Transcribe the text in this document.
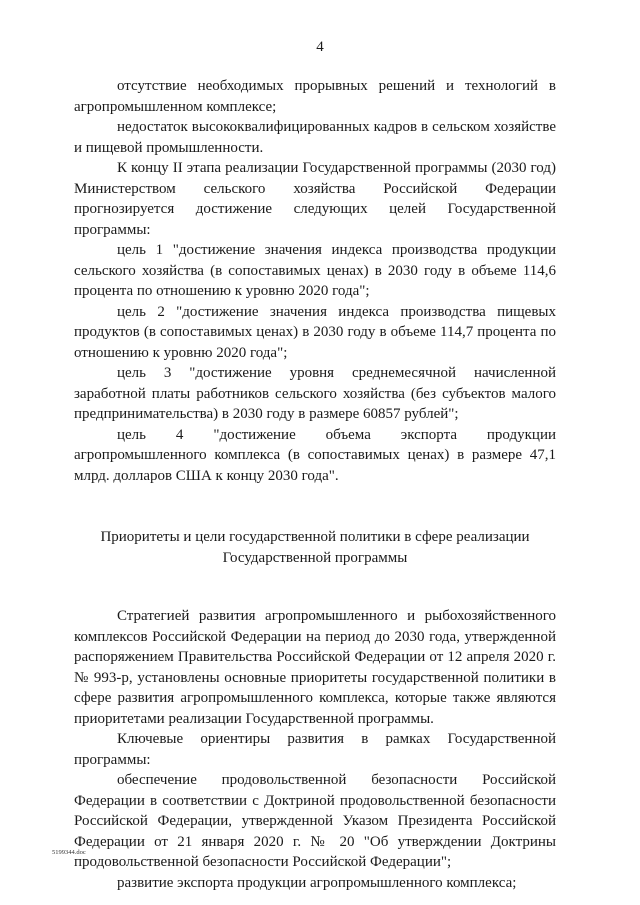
4

отсутствие необходимых прорывных решений и технологий в агропромышленном комплексе;

недостаток высококвалифицированных кадров в сельском хозяйстве и пищевой промышленности.

К концу II этапа реализации Государственной программы (2030 год) Министерством сельского хозяйства Российской Федерации прогнозируется достижение следующих целей Государственной программы:

цель 1 "достижение значения индекса производства продукции сельского хозяйства (в сопоставимых ценах) в 2030 году в объеме 114,6 процента по отношению к уровню 2020 года";

цель 2 "достижение значения индекса производства пищевых продуктов (в сопоставимых ценах) в 2030 году в объеме 114,7 процента по отношению к уровню 2020 года";

цель 3 "достижение уровня среднемесячной начисленной заработной платы работников сельского хозяйства (без субъектов малого предпринимательства) в 2030 году в размере 60857 рублей";

цель 4 "достижение объема экспорта продукции агропромышленного комплекса (в сопоставимых ценах) в размере 47,1 млрд. долларов США к концу 2030 года".

Приоритеты и цели государственной политики в сфере реализации
Государственной программы

Стратегией развития агропромышленного и рыбохозяйственного комплексов Российской Федерации на период до 2030 года, утвержденной распоряжением Правительства Российской Федерации от 12 апреля 2020 г. № 993-р, установлены основные приоритеты государственной политики в сфере развития агропромышленного комплекса, которые также являются приоритетами реализации Государственной программы.

Ключевые ориентиры развития в рамках Государственной программы:

обеспечение продовольственной безопасности Российской Федерации в соответствии с Доктриной продовольственной безопасности Российской Федерации, утвержденной Указом Президента Российской Федерации от 21 января 2020 г. № 20 "Об утверждении Доктрины продовольственной безопасности Российской Федерации";

развитие экспорта продукции агропромышленного комплекса;

5199344.doc
